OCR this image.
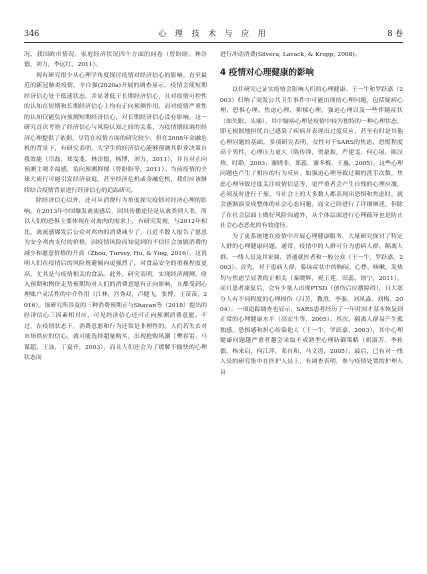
346	心 理 技 术 与 应 用	8 卷

况、我国欧市情况、家庭经济状况四个方面的问卷（曾盼盼，林崇德，刘力，李远红，2011）。

现有研究很少从心理学角度探讨疫情对经济信心的影响。直至最近的新冠肺炎疫情，辛自强(2020a)开展的调查显示，疫情会使短期经济信心处于低迷状态，并显著低于长期经济信心，且对疫情可控性的认知在短期和长期经济信心上均有正向预测作用，而对疫情严重性的认知仅能负向预测短期经济信心，对长期经济信心没有影响。这一研究首次考察了经济信心与风险认知之间的关系，为疫情期间调控经济心理提供了依据。尽管在疫情方面的研究较少，但在2008年金融危机的背景下，有研究表明，大学生的经济信心能够预测其职业决策自我效能（邝磊，郑雯斐，林崇德，杨博，刘力，2011），并且对正向预测主观幸福感，负向预测抑郁（曾盼盼等，2011）。当前疫情的全球大流行可能引发经济衰退，甚至经济危机或金融危机，我们应该继续结合疫情背景进行经济信心的追踪研究。

除经济信心以外，还可从消费行为角度探究疫情对经济心理的影响。在2013年中国爆发禽流感后，因其传播途径是从禽类到人类，所以人们的恐惧主要体现在对禽肉的需求上，有研究发现，与2012年相比，禽流感爆发后公众对鸡肉的消费减少了，且近半数人报告了愿意为安全鸡肉支付的价格，因疫情风险而知觉到的不信任会加剧消费的减少和愿意价格的升高（Zhou, Turvey, Hu, & Ying, 2016）。这说明人们在疫情后的风险规避倾向更强烈了，对食品安全的重视程度更高，尤其是与疫情相关的食品。此外，研究表明，实现经济测测、收入预期和物价走势预期均对人们的消费意愿有正向影响，且都受到心理账户灵活性的中介作用（江林，宫秀双，卢健飞，张博，王苗苗，2016）。该研究所涉及的三种消费预期正与Shayan等（2018）提出的经济信心三因素相对应，可见经济信心还可正向预测消费意愿。不过，在疫情状态下，消费意愿和行为还常是非理性的。人们若失去对市场供应的信心，就可能选择超量购买，出现抢购风潮（樊春雷，马谋超，王詠，丁夏齐，2003），而且人们还会为了缓解不愉快的心理状态而

进行冲动消费(Silvera, Lavack, & Kropp, 2008)。

4 疫情对心理健康的影响

以往研究已证实疫情会影响人们的心理健康。王一牛和罗跃嘉（2003）归纳了突发公共卫生事件中可能出现的心理问题，包括疑病心理、恐惧心理、焦虑心理、抑郁心理、强迫心理以及一些伴随症状（如失眠、头痛），其中疑病心理是疫情中较为独特的一种心理状态，即无根据地担忧自己感染了疾病并表现出过度反应，甚至有时是其他心理问题的基础。多项研究表明，女性对于SARS的焦虑、恐慌程度高于男性，心理压力更大（陈传锋，贺豪振，严建雯，何心展，陈汉珍，时勘，2003；谢晓非，郑蕊，谢冬梅，王惠，2005）。这些心理问题也产生了相应的行为反应，如强迫心理导致过频的洗手次数，焦虑心理导致过度关注疫情信息等，更严重者会产生自残的心理应激，必须及时进行干预。当社会上的大多数人都表现出恐惧和焦虑时，就会逐渐演变成整体的社会心态问题，而文已经进行了详细阐述，但除了在社会层面上做好风险沟通外，从个体层面进行心理疏导也是防止社会心态恶化的有效途径。

为了更系统地在疫情中开展心理健康服务，大量研究探讨了特定人群的心理健康问题。通常，疫情中的人群可分为患病人群、隔离人群、一线人员及其家属、普通就医者和一般公众（王一牛，罗跃嘉，2003）。首先，对于患病人群，临床症状中的胸闷、心悸、咳嗽、发热均与焦虑呈显著的正相关（秦晓辉，祝玉莲，田蕊，徐宁，2011），而且患者康复后，会有少量人出现PTSD（创伤后应激障碍），且大部分人有不同程度的心理损伤（吕芳，教澄，李秦，刘凤淼，刘梅，2004）；一项追踪调查也显示，SARS患者经历了一年时间才基本恢复到正常的心理健康水平（高宏生等，2005）。其次，隔离人群易产生孤独感、恐惧感和担心传染他人（王一牛，罗跃嘉，2003），其中心理健康问题越严重者越会采取不成熟型心理防御策略（胡淑芳，李桂德，杨来启，何江萍，邓自和，马文涛，2005）。最后，已有对一线人员的研究集中在医护人员上，有调查表明，参与疫情处置的护理人员
